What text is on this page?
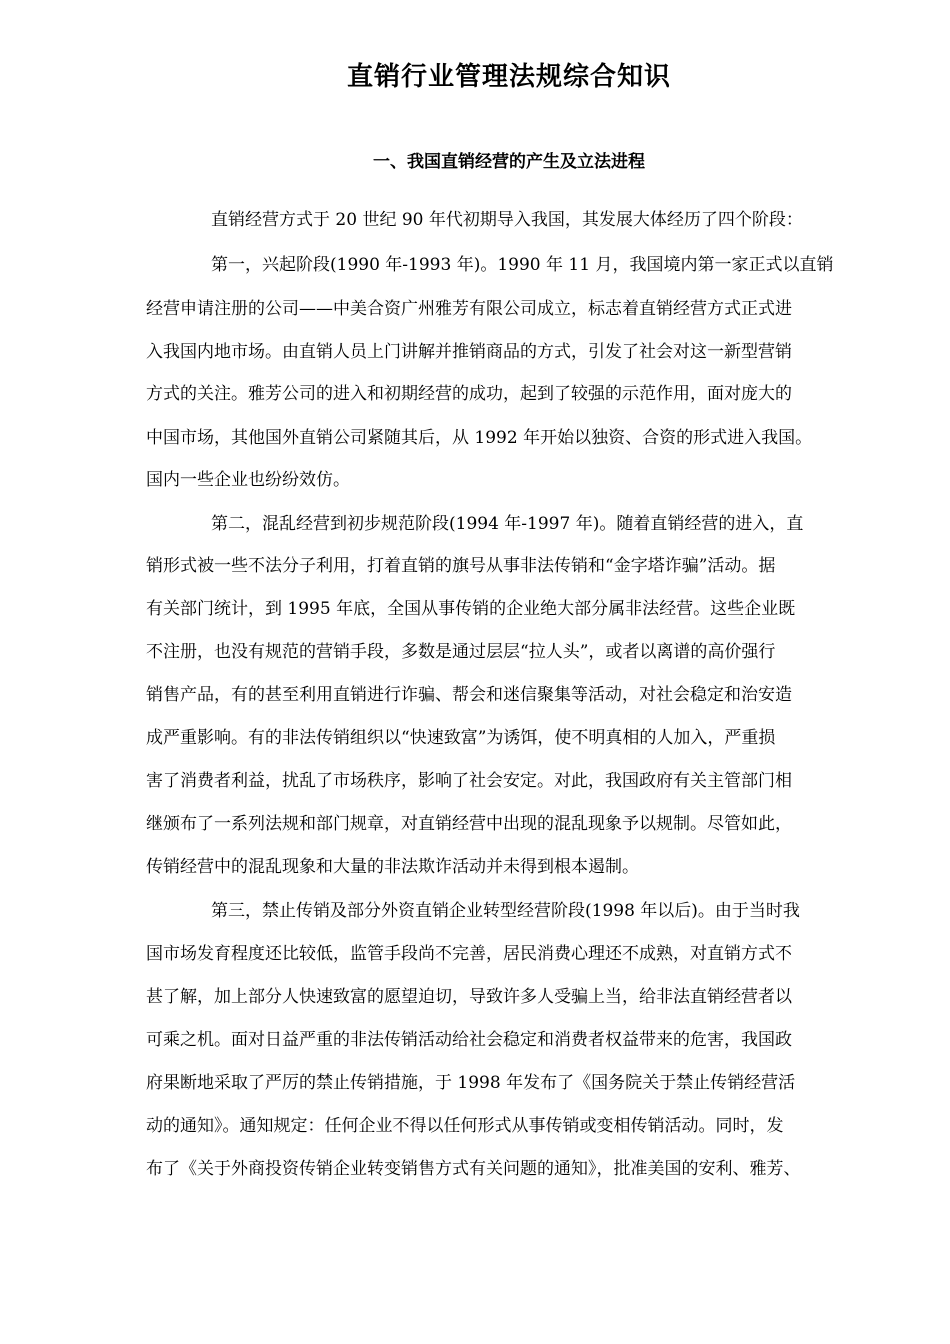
直销行业管理法规综合知识
一、我国直销经营的产生及立法进程

直销经营方式于 20 世纪 90 年代初期导入我国，其发展大体经历了四个阶段：

第一，兴起阶段(1990 年-1993 年)。1990 年 11 月，我国境内第一家正式以直销

经营申请注册的公司——中美合资广州雅芳有限公司成立，标志着直销经营方式正式进

入我国内地市场。由直销人员上门讲解并推销商品的方式，引发了社会对这一新型营销

方式的关注。雅芳公司的进入和初期经营的成功，起到了较强的示范作用，面对庞大的

中国市场，其他国外直销公司紧随其后，从 1992 年开始以独资、合资的形式进入我国。

国内一些企业也纷纷效仿。

第二，混乱经营到初步规范阶段(1994 年-1997 年)。随着直销经营的进入，直

销形式被一些不法分子利用，打着直销的旗号从事非法传销和“金字塔诈骗”活动。据

有关部门统计，到 1995 年底，全国从事传销的企业绝大部分属非法经营。这些企业既

不注册，也没有规范的营销手段，多数是通过层层“拉人头”，或者以离谱的高价强行

销售产品，有的甚至利用直销进行诈骗、帮会和迷信聚集等活动，对社会稳定和治安造

成严重影响。有的非法传销组织以“快速致富”为诱饵，使不明真相的人加入，严重损

害了消费者利益，扰乱了市场秩序，影响了社会安定。对此，我国政府有关主管部门相

继颁布了一系列法规和部门规章，对直销经营中出现的混乱现象予以规制。尽管如此，

传销经营中的混乱现象和大量的非法欺诈活动并未得到根本遏制。

第三，禁止传销及部分外资直销企业转型经营阶段(1998 年以后)。由于当时我

国市场发育程度还比较低，监管手段尚不完善，居民消费心理还不成熟，对直销方式不

甚了解，加上部分人快速致富的愿望迫切，导致许多人受骗上当，给非法直销经营者以

可乘之机。面对日益严重的非法传销活动给社会稳定和消费者权益带来的危害，我国政

府果断地采取了严厉的禁止传销措施，于 1998 年发布了《国务院关于禁止传销经营活

动的通知》。通知规定：任何企业不得以任何形式从事传销或变相传销活动。同时，发

布了《关于外商投资传销企业转变销售方式有关问题的通知》，批准美国的安利、雅芳、
